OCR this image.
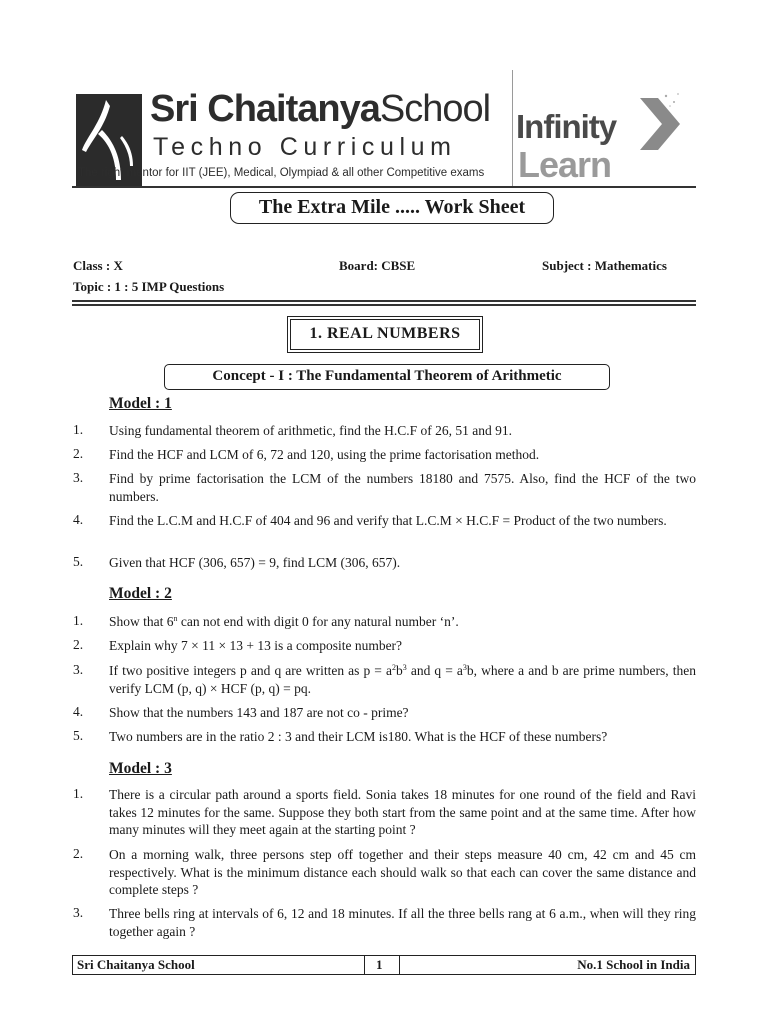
Sri ChaitanyaSchool
Techno Curriculum
The right mentor for IIT (JEE), Medical, Olympiad & all other Competitive exams
Infinity
Learn
The Extra Mile ..... Work Sheet
Class : X	Board: CBSE	Subject : Mathematics
Topic : 1 : 5 IMP Questions
1. REAL NUMBERS
Concept - I : The Fundamental Theorem of Arithmetic
Model : 1
1. Using fundamental theorem of arithmetic, find the H.C.F of 26, 51 and 91.
2. Find the HCF and LCM of 6, 72 and 120, using the prime factorisation method.
3. Find by prime factorisation the LCM of the numbers 18180 and 7575. Also, find the HCF of the two numbers.
4. Find the L.C.M and H.C.F of 404 and 96 and verify that L.C.M × H.C.F = Product of the two numbers.
5. Given that HCF (306, 657) = 9, find LCM (306, 657).
Model : 2
1. Show that 6$^n$ can not end with digit 0 for any natural number ‘n’.
2. Explain why 7 × 11 × 13 + 13 is a composite number?
3. If two positive integers p and q are written as $p = a^2b^3$ and $q = a^3b$, where a and b are prime numbers, then verify LCM (p, q) × HCF (p, q) = pq.
4. Show that the numbers 143 and 187 are not co - prime?
5. Two numbers are in the ratio 2 : 3 and their LCM is180. What is the HCF of these numbers?
Model : 3
1. There is a circular path around a sports field. Sonia takes 18 minutes for one round of the field and Ravi takes 12 minutes for the same. Suppose they both start from the same point and at the same time. After how many minutes will they meet again at the starting point ?
2. On a morning walk, three persons step off together and their steps measure 40 cm, 42 cm and 45 cm respectively. What is the minimum distance each should walk so that each can cover the same distance and complete steps ?
3. Three bells ring at intervals of 6, 12 and 18 minutes. If all the three bells rang at 6 a.m., when will they ring together again ?
Sri Chaitanya School	1	No.1 School in India
